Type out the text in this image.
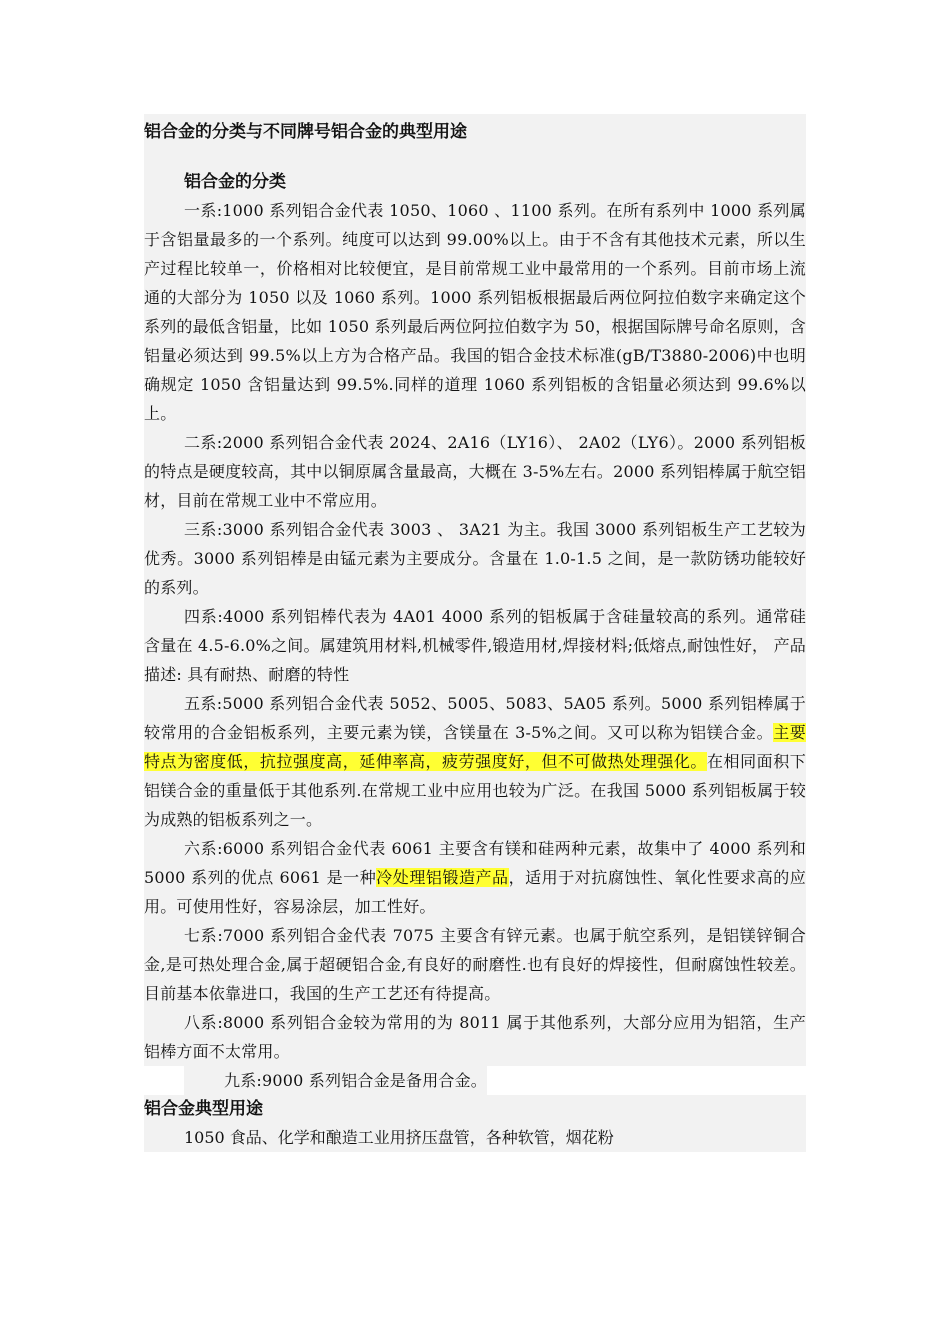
铝合金的分类与不同牌号铝合金的典型用途
铝合金的分类
一系:1000 系列铝合金代表 1050、1060 、1100 系列。在所有系列中 1000 系列属于含铝量最多的一个系列。纯度可以达到 99.00%以上。由于不含有其他技术元素，所以生产过程比较单一，价格相对比较便宜，是目前常规工业中最常用的一个系列。目前市场上流通的大部分为 1050 以及 1060 系列。1000 系列铝板根据最后两位阿拉伯数字来确定这个系列的最低含铝量，比如 1050 系列最后两位阿拉伯数字为 50，根据国际牌号命名原则，含铝量必须达到 99.5%以上方为合格产品。我国的铝合金技术标准(gB/T3880-2006)中也明确规定 1050 含铝量达到 99.5%.同样的道理 1060 系列铝板的含铝量必须达到 99.6%以上。
二系:2000 系列铝合金代表 2024、2A16（LY16）、 2A02（LY6）。2000 系列铝板的特点是硬度较高，其中以铜原属含量最高，大概在 3-5%左右。2000 系列铝棒属于航空铝材，目前在常规工业中不常应用。
三系:3000 系列铝合金代表 3003 、 3A21 为主。我国 3000 系列铝板生产工艺较为优秀。3000 系列铝棒是由锰元素为主要成分。含量在 1.0-1.5 之间，是一款防锈功能较好的系列。
四系:4000 系列铝棒代表为 4A01 4000 系列的铝板属于含硅量较高的系列。通常硅含量在 4.5-6.0%之间。属建筑用材料,机械零件,锻造用材,焊接材料;低熔点,耐蚀性好， 产品描述: 具有耐热、耐磨的特性
五系:5000 系列铝合金代表 5052、5005、5083、5A05 系列。5000 系列铝棒属于较常用的合金铝板系列，主要元素为镁，含镁量在 3-5%之间。又可以称为铝镁合金。主要特点为密度低，抗拉强度高，延伸率高，疲劳强度好，但不可做热处理强化。在相同面积下铝镁合金的重量低于其他系列.在常规工业中应用也较为广泛。在我国 5000 系列铝板属于较为成熟的铝板系列之一。
六系:6000 系列铝合金代表 6061 主要含有镁和硅两种元素，故集中了 4000 系列和 5000 系列的优点 6061 是一种冷处理铝锻造产品，适用于对抗腐蚀性、氧化性要求高的应用。可使用性好，容易涂层，加工性好。
七系:7000 系列铝合金代表 7075 主要含有锌元素。也属于航空系列，是铝镁锌铜合金,是可热处理合金,属于超硬铝合金,有良好的耐磨性.也有良好的焊接性，但耐腐蚀性较差。 目前基本依靠进口，我国的生产工艺还有待提高。
八系:8000 系列铝合金较为常用的为 8011 属于其他系列，大部分应用为铝箔，生产铝棒方面不太常用。
九系:9000 系列铝合金是备用合金。
铝合金典型用途
1050 食品、化学和酿造工业用挤压盘管，各种软管，烟花粉
